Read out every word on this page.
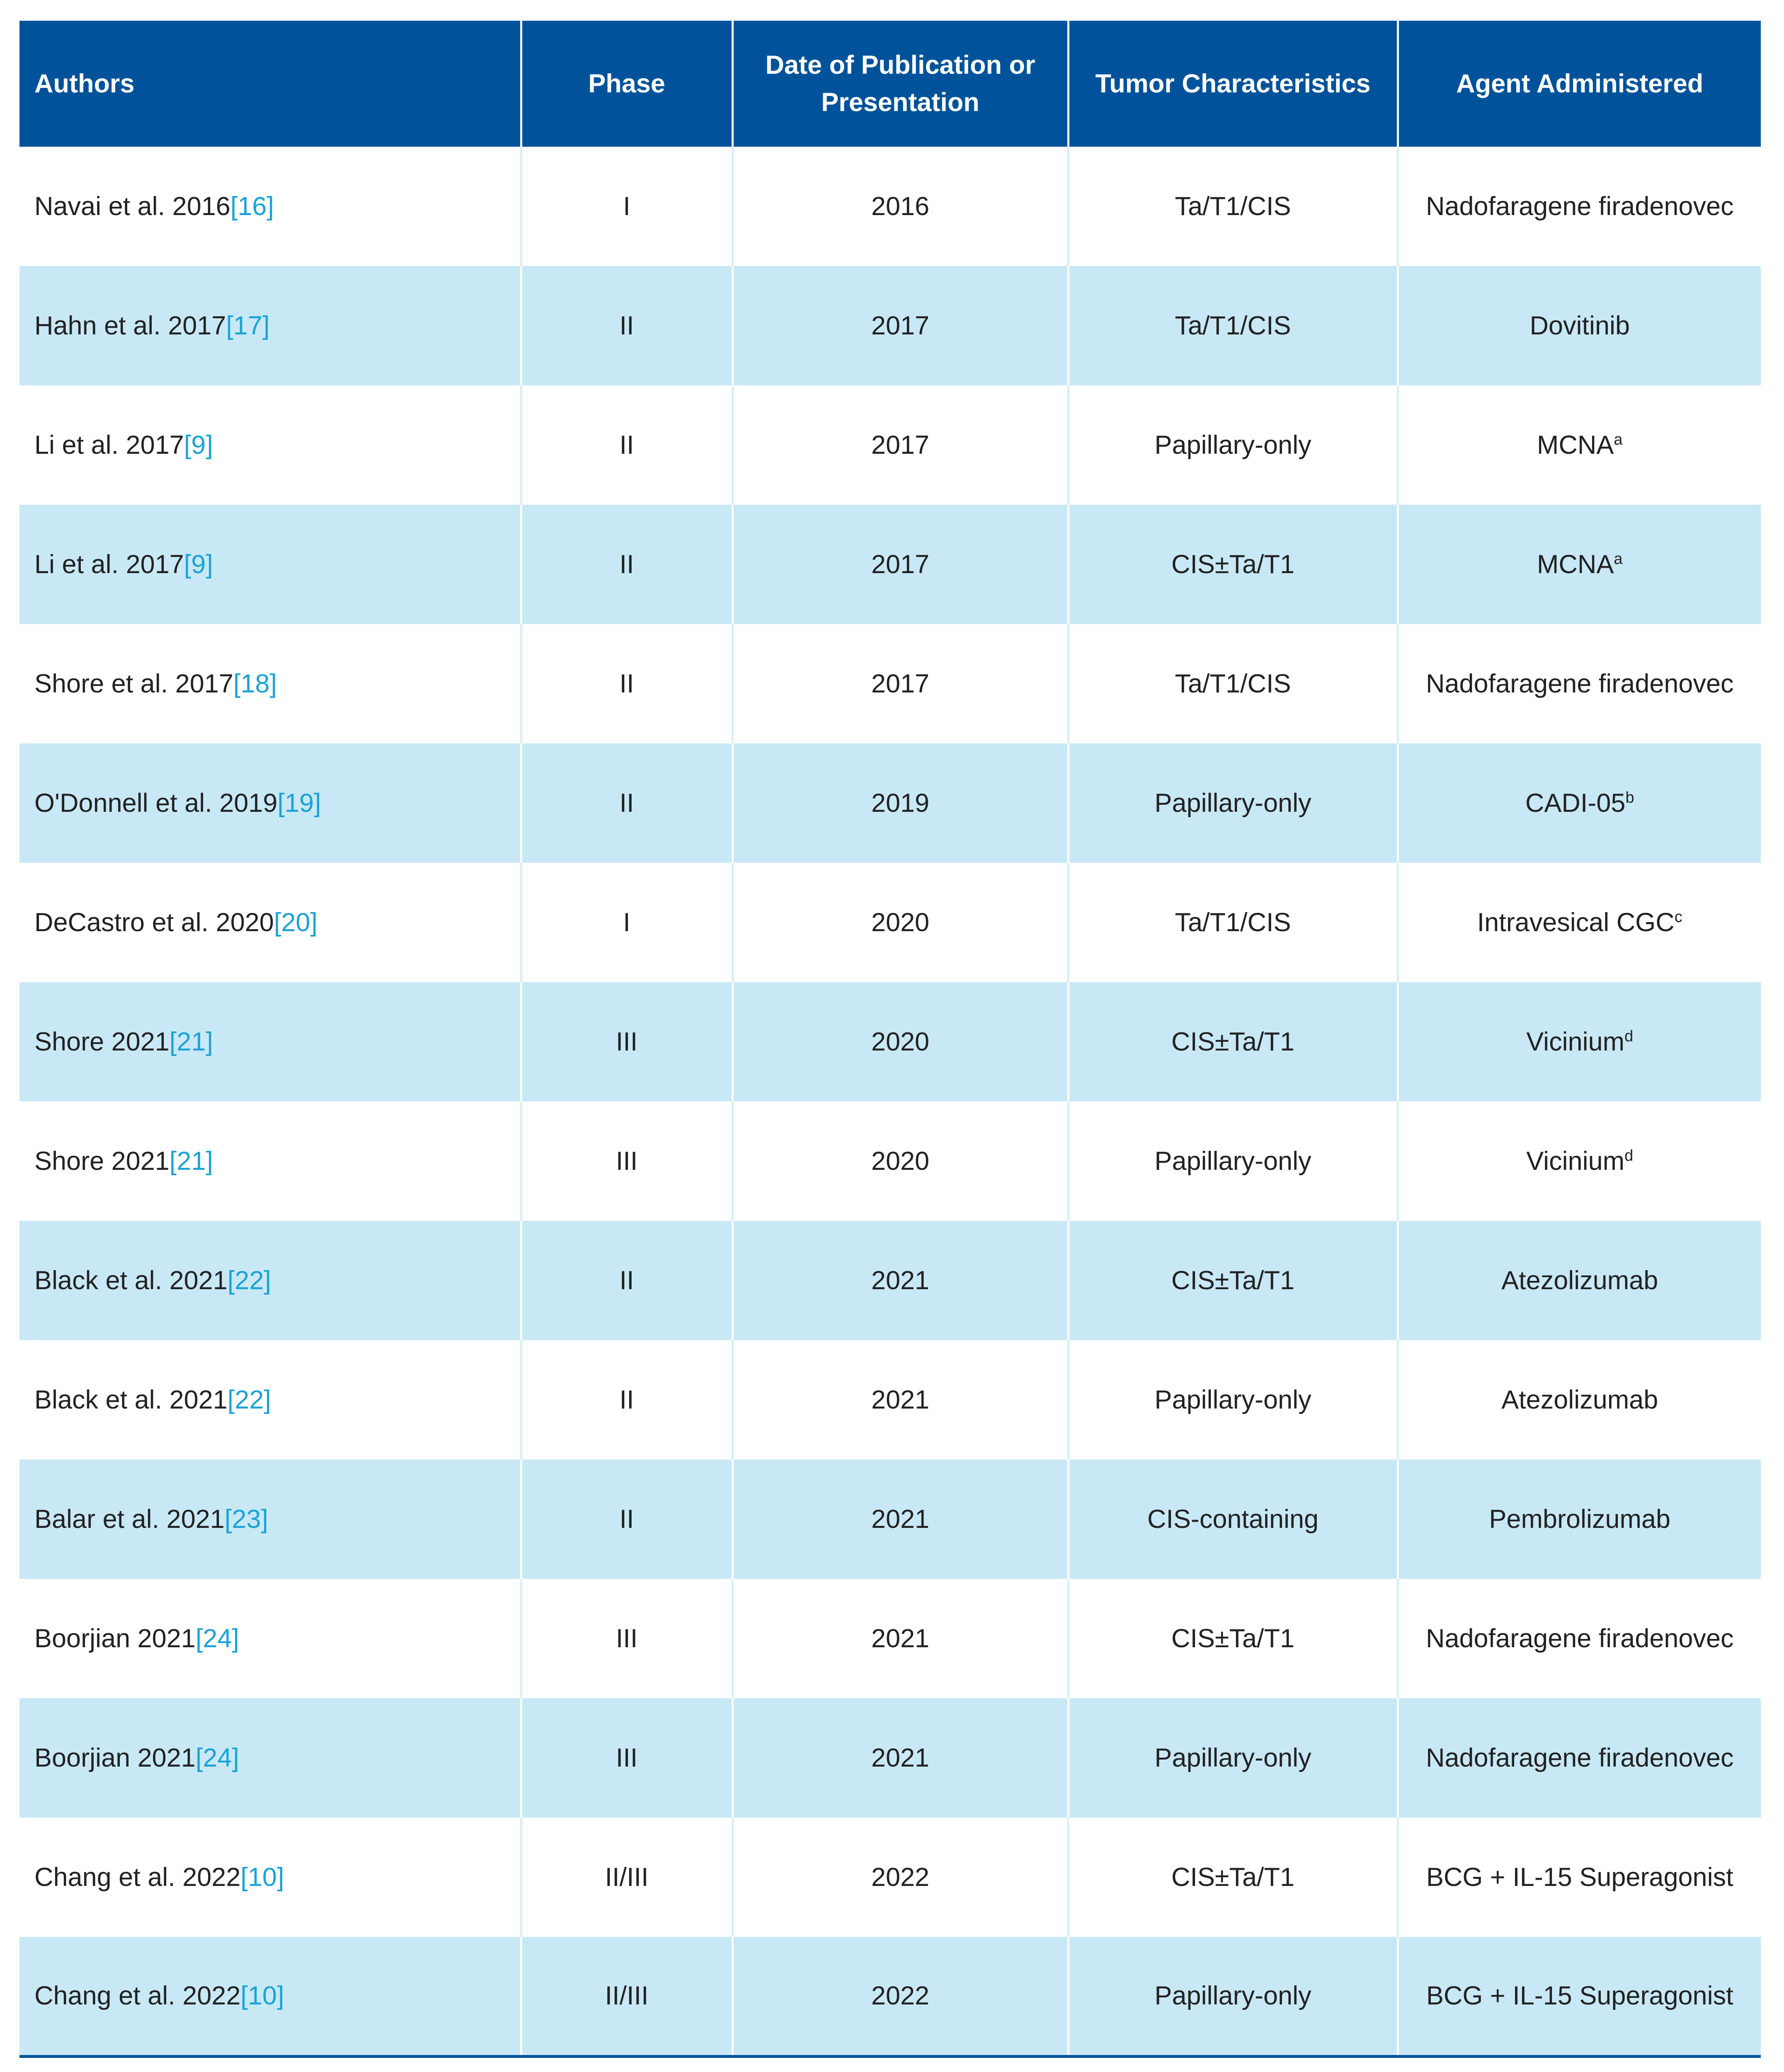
Authors	Phase	Date of Publication or Presentation	Tumor Characteristics	Agent Administered
Navai et al. 2016[16]	I	2016	Ta/T1/CIS	Nadofaragene firadenovec
Hahn et al. 2017[17]	II	2017	Ta/T1/CIS	Dovitinib
Li et al. 2017[9]	II	2017	Papillary-only	MCNA$^a$
Li et al. 2017[9]	II	2017	CIS±Ta/T1	MCNA$^a$
Shore et al. 2017[18]	II	2017	Ta/T1/CIS	Nadofaragene firadenovec
O'Donnell et al. 2019[19]	II	2019	Papillary-only	CADI-05$^b$
DeCastro et al. 2020[20]	I	2020	Ta/T1/CIS	Intravesical CGC$^c$
Shore 2021[21]	III	2020	CIS±Ta/T1	Vicinium$^d$
Shore 2021[21]	III	2020	Papillary-only	Vicinium$^d$
Black et al. 2021[22]	II	2021	CIS±Ta/T1	Atezolizumab
Black et al. 2021[22]	II	2021	Papillary-only	Atezolizumab
Balar et al. 2021[23]	II	2021	CIS-containing	Pembrolizumab
Boorjian 2021[24]	III	2021	CIS±Ta/T1	Nadofaragene firadenovec
Boorjian 2021[24]	III	2021	Papillary-only	Nadofaragene firadenovec
Chang et al. 2022[10]	II/III	2022	CIS±Ta/T1	BCG + IL-15 Superagonist
Chang et al. 2022[10]	II/III	2022	Papillary-only	BCG + IL-15 Superagonist
